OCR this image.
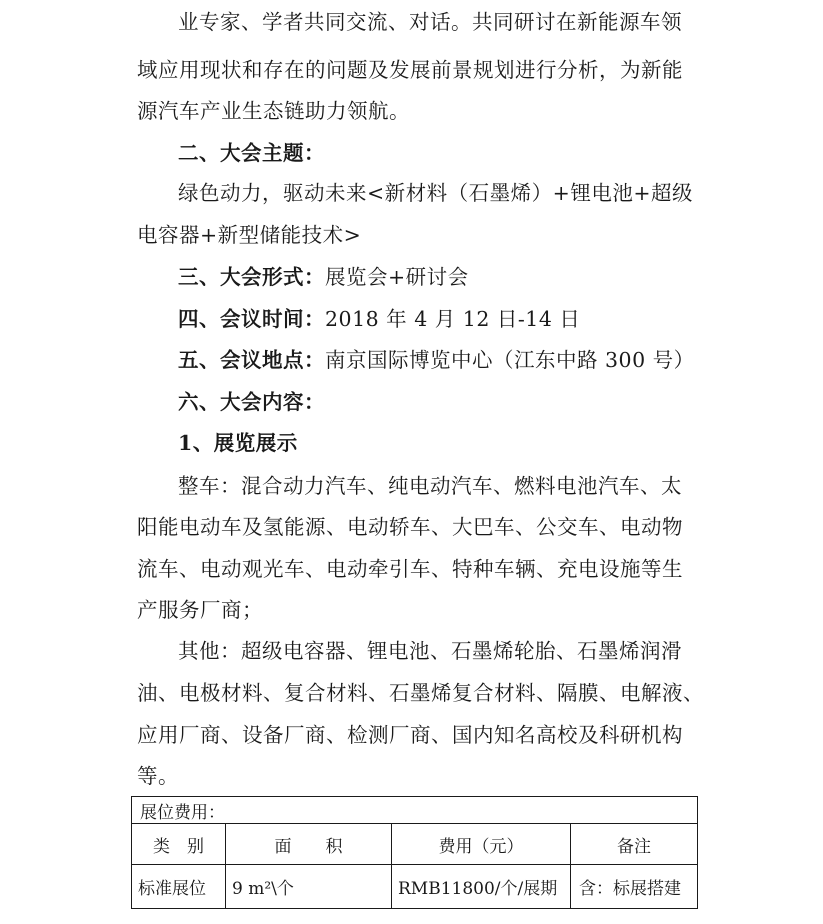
业专家、学者共同交流、对话。共同研讨在新能源车领
域应用现状和存在的问题及发展前景规划进行分析，为新能
源汽车产业生态链助力领航。
二、大会主题：
绿色动力，驱动未来<新材料（石墨烯）+锂电池+超级
电容器+新型储能技术>
三、大会形式：展览会+研讨会
四、会议时间：2018 年 4 月 12 日-14 日
五、会议地点：南京国际博览中心（江东中路 300 号）
六、大会内容：
1、展览展示
整车：混合动力汽车、纯电动汽车、燃料电池汽车、太
阳能电动车及氢能源、电动轿车、大巴车、公交车、电动物
流车、电动观光车、电动牵引车、特种车辆、充电设施等生
产服务厂商；
其他：超级电容器、锂电池、石墨烯轮胎、石墨烯润滑
油、电极材料、复合材料、石墨烯复合材料、隔膜、电解液、
应用厂商、设备厂商、检测厂商、国内知名高校及科研机构
等。
展位费用：			
类　别	面　　积	费用（元）	备注
标准展位	9 m²\个	RMB11800/个/展期	含：标展搭建
